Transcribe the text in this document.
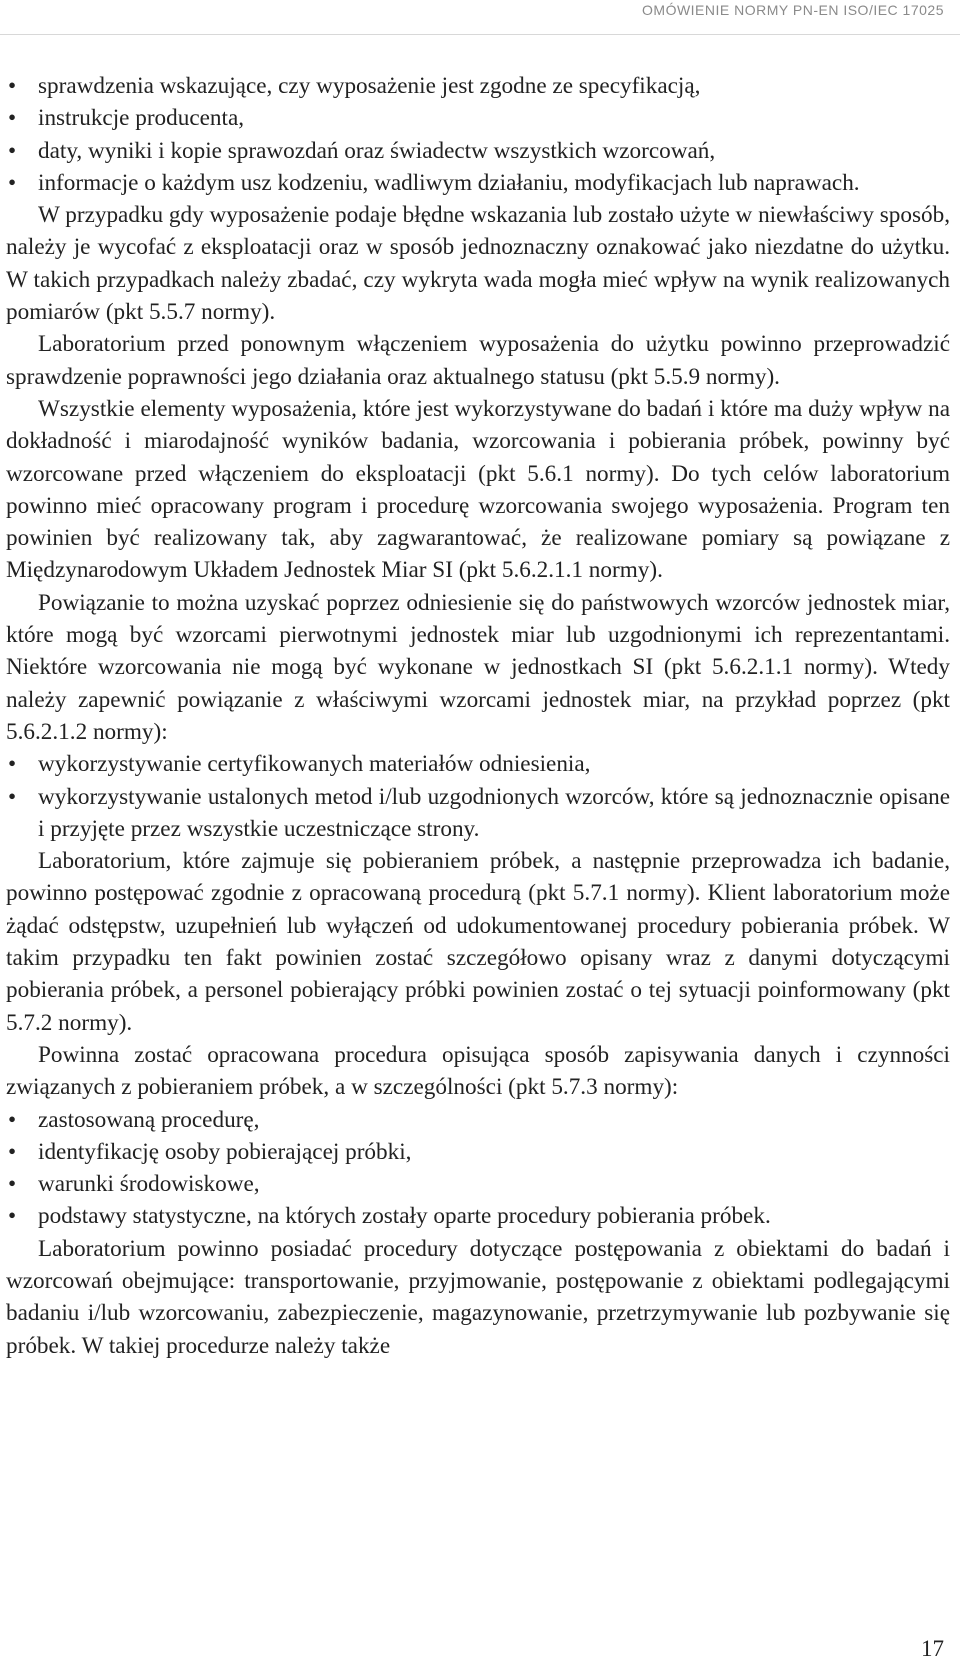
OMÓWIENIE NORMY PN-EN ISO/IEC 17025
• sprawdzenia wskazujące, czy wyposażenie jest zgodne ze specyfikacją,
• instrukcje producenta,
• daty, wyniki i kopie sprawozdań oraz świadectw wszystkich wzorcowań,
• informacje o każdym usz kodzeniu, wadliwym działaniu, modyfikacjach lub naprawach.

W przypadku gdy wyposażenie podaje błędne wskazania lub zostało użyte w niewłaściwy sposób, należy je wycofać z eksploatacji oraz w sposób jednoznaczny oznakować jako niezdatne do użytku. W takich przypadkach należy zbadać, czy wykryta wada mogła mieć wpływ na wynik realizowanych pomiarów (pkt 5.5.7 normy).

Laboratorium przed ponownym włączeniem wyposażenia do użytku powinno przeprowadzić sprawdzenie poprawności jego działania oraz aktualnego statusu (pkt 5.5.9 normy).

Wszystkie elementy wyposażenia, które jest wykorzystywane do badań i które ma duży wpływ na dokładność i miarodajność wyników badania, wzorcowania i pobierania próbek, powinny być wzorcowane przed włączeniem do eksploatacji (pkt 5.6.1 normy). Do tych celów laboratorium powinno mieć opracowany program i procedurę wzorcowania swojego wyposażenia. Program ten powinien być realizowany tak, aby zagwarantować, że realizowane pomiary są powiązane z Międzynarodowym Układem Jednostek Miar SI (pkt 5.6.2.1.1 normy).

Powiązanie to można uzyskać poprzez odniesienie się do państwowych wzorców jednostek miar, które mogą być wzorcami pierwotnymi jednostek miar lub uzgodnionymi ich reprezentantami. Niektóre wzorcowania nie mogą być wykonane w jednostkach SI (pkt 5.6.2.1.1 normy). Wtedy należy zapewnić powiązanie z właściwymi wzorcami jednostek miar, na przykład poprzez (pkt 5.6.2.1.2 normy):

• wykorzystywanie certyfikowanych materiałów odniesienia,
• wykorzystywanie ustalonych metod i/lub uzgodnionych wzorców, które są jednoznacznie opisane i przyjęte przez wszystkie uczestniczące strony.

Laboratorium, które zajmuje się pobieraniem próbek, a następnie przeprowadza ich badanie, powinno postępować zgodnie z opracowaną procedurą (pkt 5.7.1 normy). Klient laboratorium może żądać odstępstw, uzupełnień lub wyłączeń od udokumentowanej procedury pobierania próbek. W takim przypadku ten fakt powinien zostać szczegółowo opisany wraz z danymi dotyczącymi pobierania próbek, a personel pobierający próbki powinien zostać o tej sytuacji poinformowany (pkt 5.7.2 normy).

Powinna zostać opracowana procedura opisująca sposób zapisywania danych i czynności związanych z pobieraniem próbek, a w szczególności (pkt 5.7.3 normy):

• zastosowaną procedurę,
• identyfikację osoby pobierającej próbki,
• warunki środowiskowe,
• podstawy statystyczne, na których zostały oparte procedury pobierania próbek.

Laboratorium powinno posiadać procedury dotyczące postępowania z obiektami do badań i wzorcowań obejmujące: transportowanie, przyjmowanie, postępowanie z obiektami podlegającymi badaniu i/lub wzorcowaniu, zabezpieczenie, magazynowanie, przetrzymywanie lub pozbywanie się próbek. W takiej procedurze należy także

17
